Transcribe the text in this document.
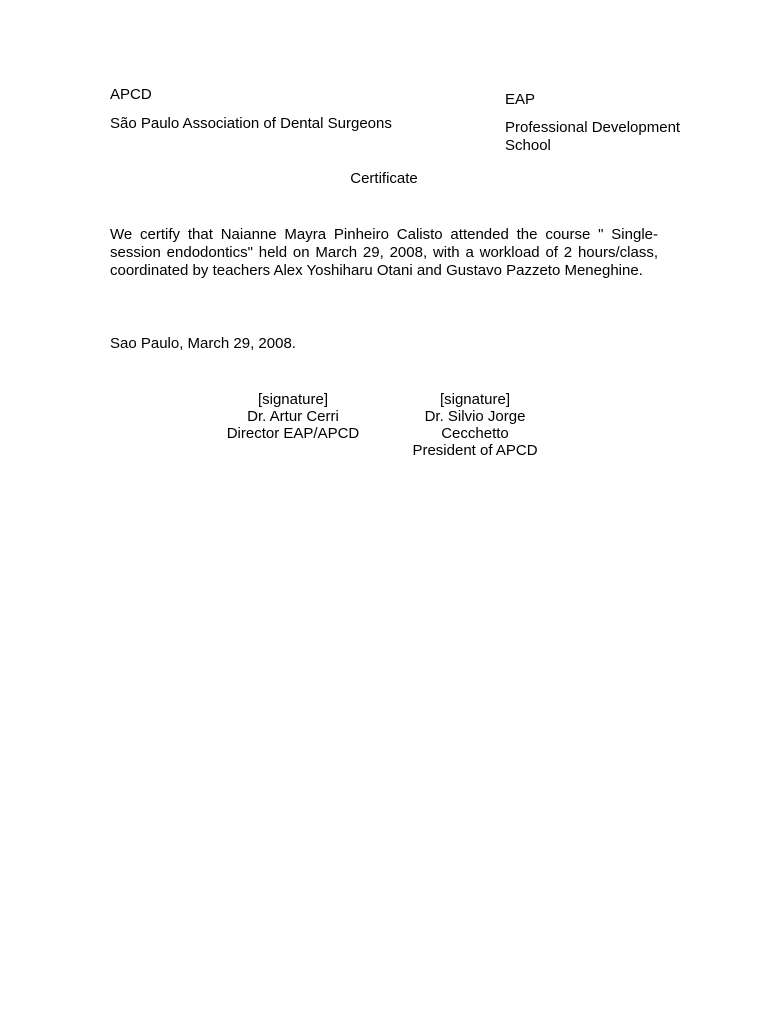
APCD
São Paulo Association of Dental Surgeons
EAP
Professional Development School
Certificate

We certify that Naianne Mayra Pinheiro Calisto attended the course " Single-session endodontics" held on March 29, 2008, with a workload of 2 hours/class, coordinated by teachers Alex Yoshiharu Otani and Gustavo Pazzeto Meneghine.

Sao Paulo, March 29, 2008.
[signature]
Dr. Artur Cerri
Director EAP/APCD
[signature]
Dr. Silvio Jorge
Cecchetto
President of APCD
